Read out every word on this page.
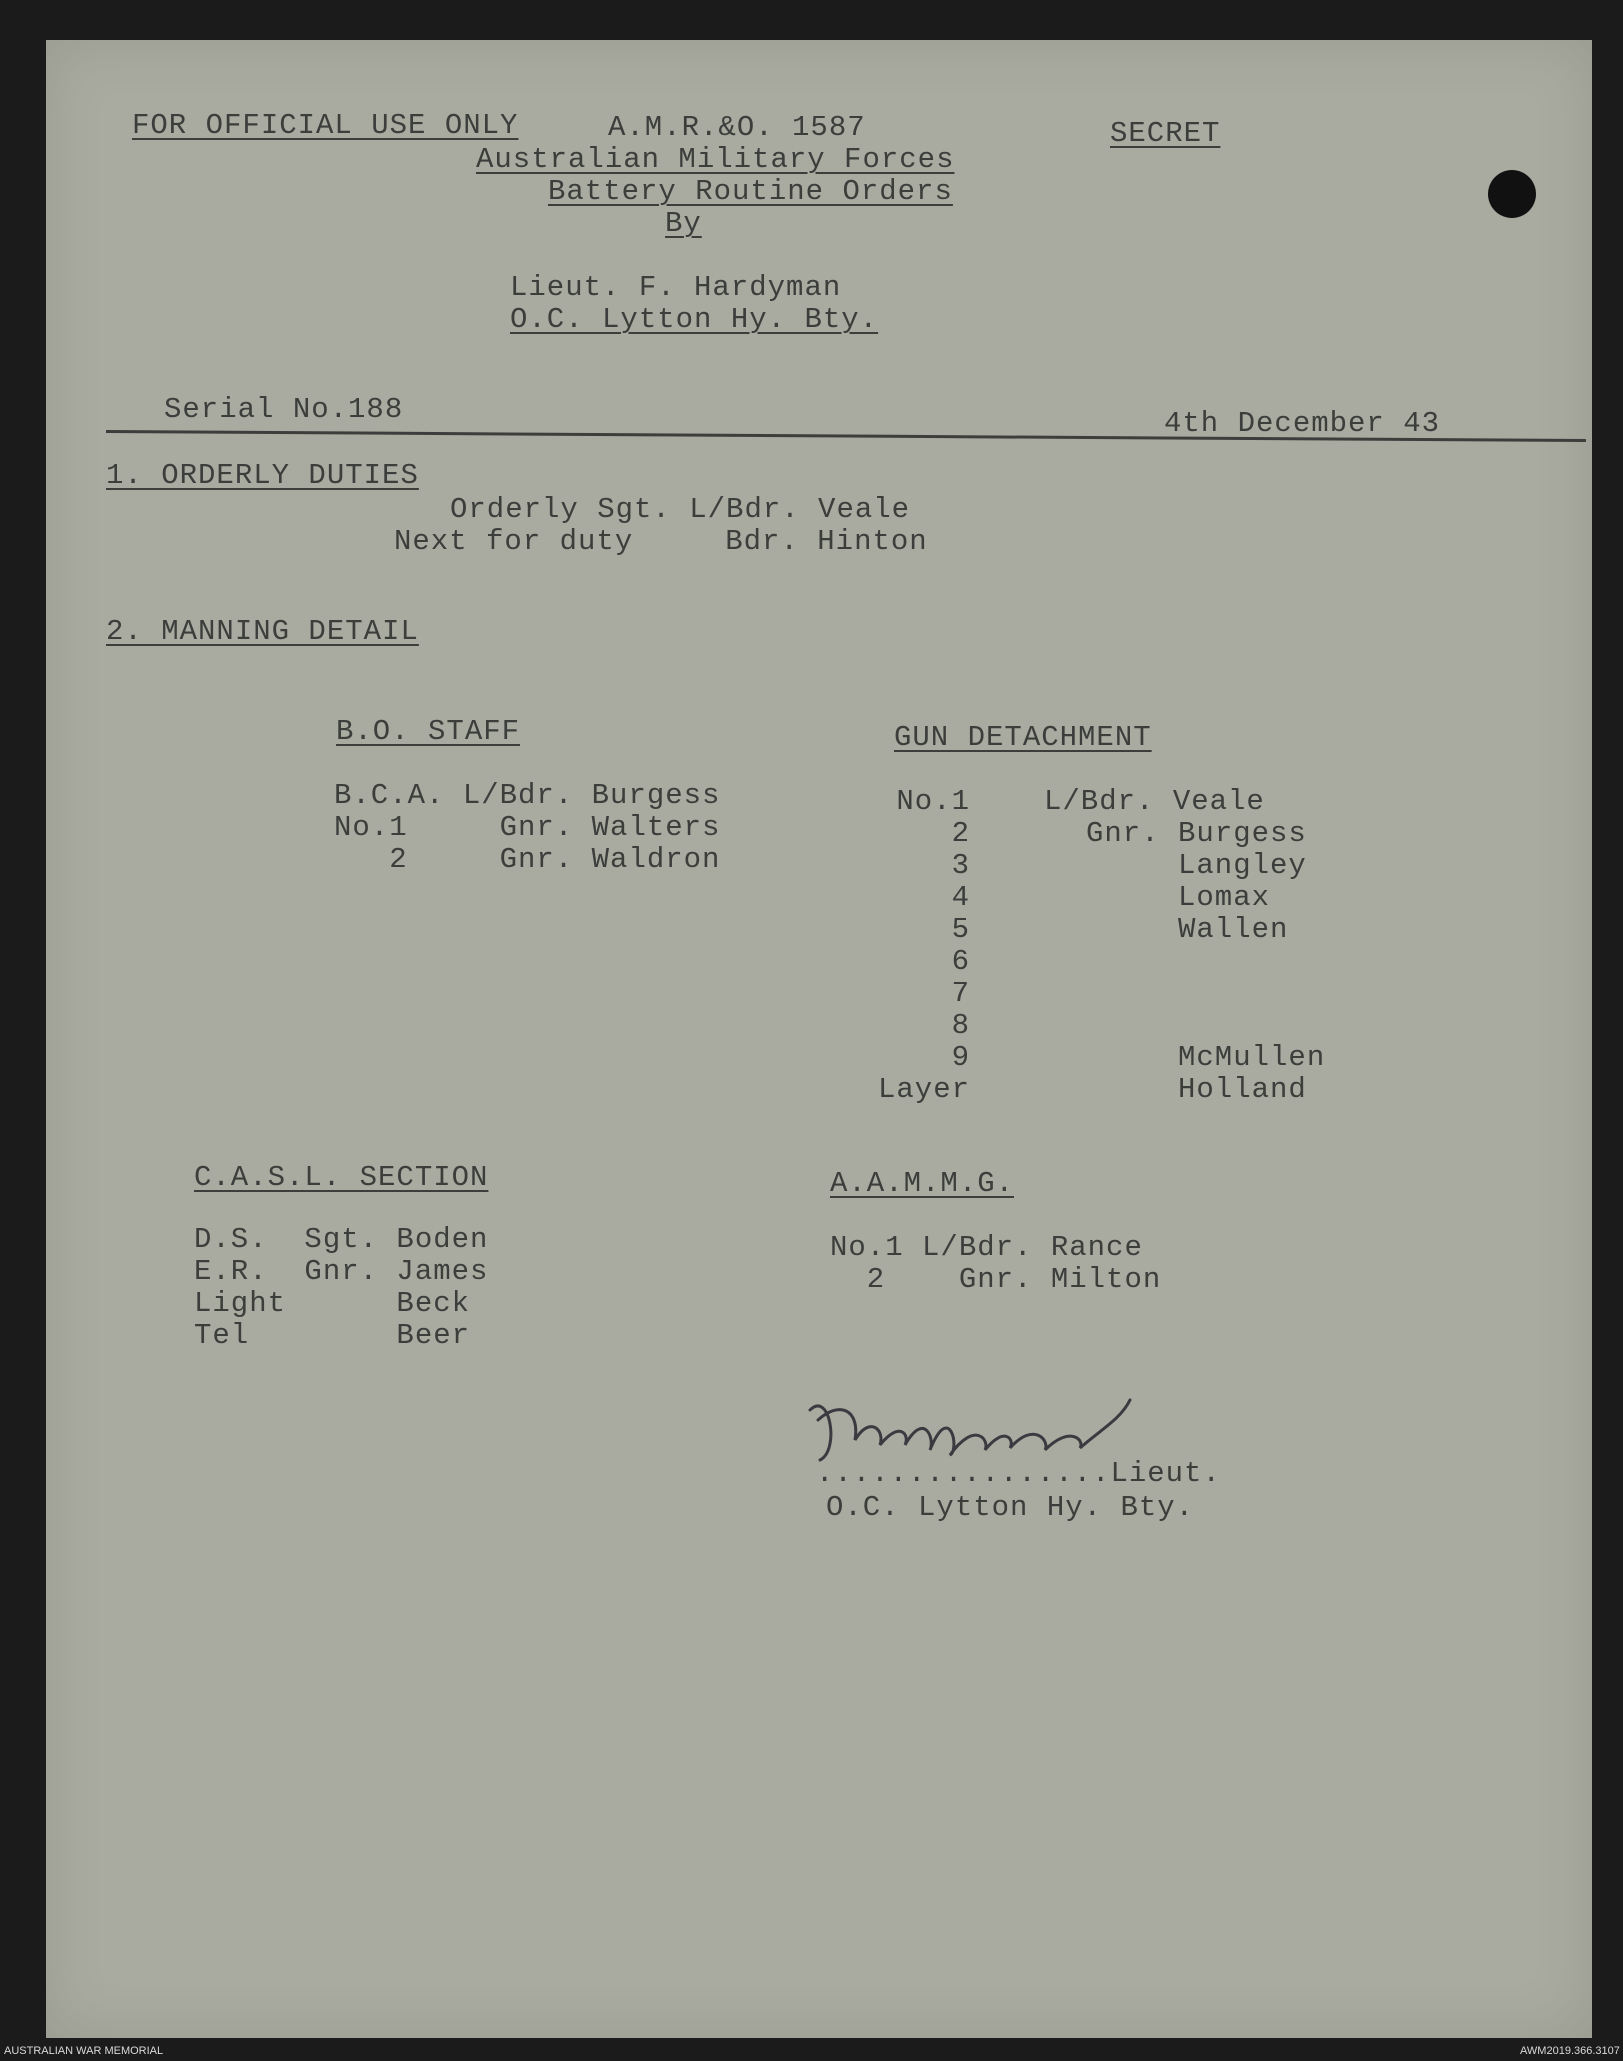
FOR OFFICIAL USE ONLY	A.M.R.&O. 1587	SECRET
Australian Military Forces
Battery Routine Orders
By
Lieut. F. Hardyman
O.C. Lytton Hy. Bty.
Serial No.188	4th December 43
1. ORDERLY DUTIES
Orderly Sgt. L/Bdr. Veale
Next for duty     Bdr. Hinton
2. MANNING DETAIL
B.O. STAFF
B.C.A. L/Bdr. Burgess
No.1     Gnr. Walters
2     Gnr. Waldron
GUN DETACHMENT
No.1	L/Bdr. Veale
2	Gnr. Burgess
3	Langley
4	Lomax
5	Wallen
6
7
8
9	McMullen
Layer	Holland
C.A.S.L. SECTION
D.S.  Sgt. Boden
E.R.  Gnr. James
Light      Beck
Tel        Beer
A.A.M.M.G.
No.1 L/Bdr. Rance
2    Gnr. Milton
................Lieut.
O.C. Lytton Hy. Bty.
AUSTRALIAN WAR MEMORIAL	AWM2019.366.3107
